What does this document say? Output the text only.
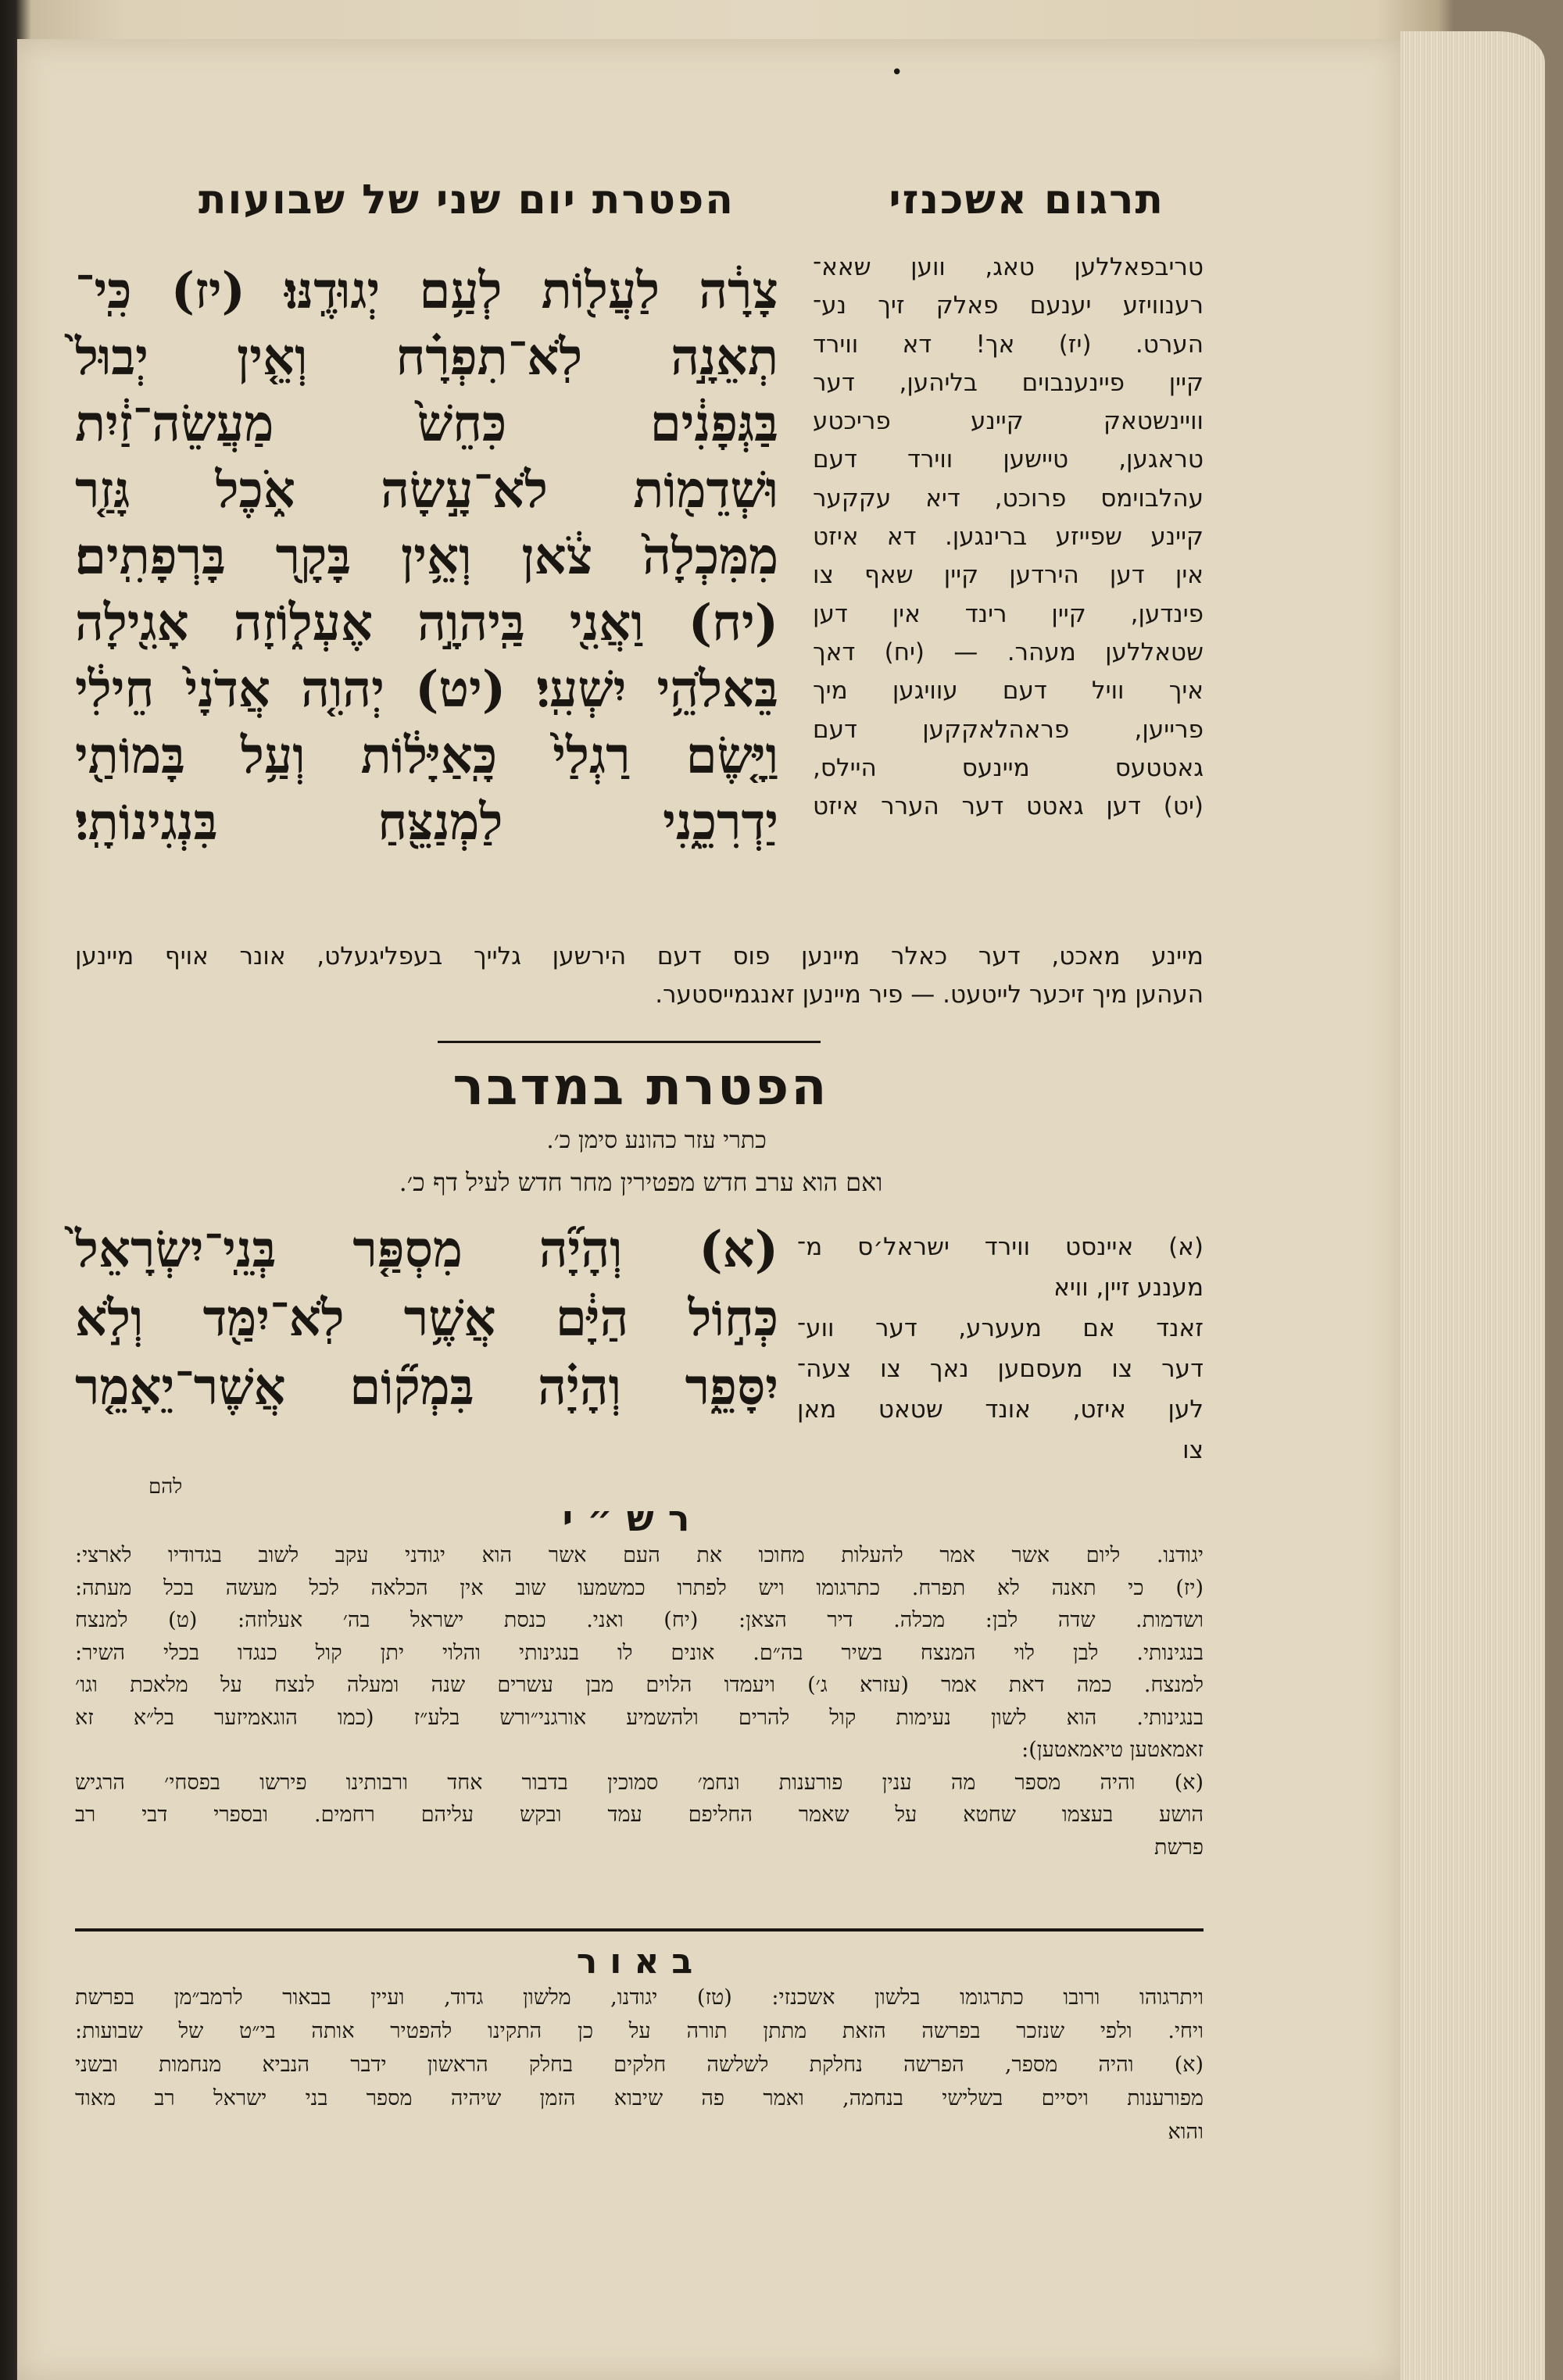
•
תרגום אשכנזי
הפטרת יום שני של שבועות
צָרָ֔ה לַעֲל֖וֹת לְעַ֥ם יְגוּדֶֽנּוּ׃ (יז) כִּֽי־
תְאֵנָ֣ה לֹֽא־תִפְרָ֗ח וְאֵ֤ין יְבוּל֙
בַּגְּפָנִ֔ים כִּחֵשׁ֙ מַעֲשֵׂה־זַ֔יִת
וּשְׁדֵמ֖וֹת לֹא־עָ֣שָׂה אֹ֑כֶל גָּזַ֤ר
מִמִּכְלָה֙ צֹ֔אן וְאֵ֥ין בָּקָ֖ר בָּרְפָתִֽים׃
(יח) וַאֲנִ֖י בַּֽיהוָ֣ה אֶעְל֑וֹזָה אָגִ֖ילָה
בֵּאלֹהֵ֥י יִשְׁעִֽי׃ (יט) יְהוִ֤ה אֲדֹנָי֙ חֵילִ֔י
וַיָּ֤שֶׂם רַגְלַי֙ כָּֽאַיָּל֔וֹת וְעַ֥ל בָּמוֹתַ֖י
יַדְרִכֵ֑נִי לַמְנַצֵּ֖חַ בִּנְגִינוֹתָֽי׃
טריבפאללען טאג, ווען שאא־
רענוויזע יענעם פאלק זיך נע־
הערט. (יז) אך! דא ווירד
קיין פיינענבוים בליהען, דער
וויינשטאק קיינע פריכטע
טראגען, טיישען ווירד דעם
עהלבוימס פרוכט, דיא עקקער
קיינע שפייזע ברינגען. דא איזט
אין דען הירדען קיין שאף צו
פינדען, קיין רינד אין דען
שטאללען מעהר. — (יח) דאך
איך וויל דעם עוויגען מיך
פרייען, פראהלאקקען דעם
גאטטעס מיינעס היילס,
(יט) דען גאטט דער הערר איזט
מיינע מאכט, דער כאלר מיינען פוס דעם הירשען גלייך בעפליגעלט, אונר אויף מיינען
העהען מיך זיכער לייטעט. — פיר מיינען זאנגמייסטער.
הפטרת במדבר
כתרי עזר כהונע סימן כ׳.
ואם הוא ערב חדש מפטירין מחר חדש לעיל דף כ׳.
(א) וְהָיָ֞ה מִסְפַּ֤ר בְּנֵֽי־יִשְׂרָאֵל֙
כְּח֣וֹל הַיָּ֔ם אֲשֶׁ֥ר לֹֽא־יִמַּ֖ד וְלֹ֣א
יִסָּפֵ֑ר וְהָיָ֗ה בִּמְק֞וֹם אֲשֶׁר־יֵאָמֵ֤ר
להם
(א) איינסט ווירד ישראל׳ס מ־
מעננע זיין, וויא
זאנד אם מעערע, דער ווע־
דער צו מעסםען נאך צו צעה־
לען איזט, אונד שטאט מאן
צו
רש״י
יגודנו. ליום אשר אמר להעלות מחוכו את העם אשר הוא יגודני עקב לשוב בגדודיו לארצי:
(יז) כי תאנה לא תפרח. כתרגומו ויש לפתרו כמשמעו שוב אין הכלאה לכל מעשה בכל מעתה:
ושדמות. שדה לבן: מכלה. דיר הצאן: (יח) ואני. כנסת ישראל בה׳ אעלוזה: (ט) למנצח
בנגינותי. לבן לוי המנצח בשיר בה״ם. אונים לו בנגינותי והלוי יתן קול כנגדו בכלי השיר:
למנצח. כמה דאת אמר (עזרא ג׳) ויעמדו הלוים מבן עשרים שנה ומעלה לנצח על מלאכת וגו׳
בנגינותי. הוא לשון נעימות קול להרים ולהשמיע אורגני״ורש בלע״ז (כמו הוגאמיזער בל״א זא
זאמאטען טיאמאטען):
(א) והיה מספר מה ענין פורענות ונחמ׳ סמוכין בדבור אחד ורבותינו פירשו בפסחי׳ הרגיש
הושע בעצמו שחטא על שאמר החליפם עמד ובקש עליהם רחמים. ובספרי דבי רב
פרשת
באור
ויתרגוהו ורובו כתרגומו בלשון אשכנזי: (טז) יגודנו, מלשון גדוד, ועיין בבאור לרמב״מן בפרשת
ויחי. ולפי שנזכר בפרשה הזאת מתתן תורה על כן התקינו להפטיר אותה בי״ט של שבועות:
(א) והיה מספר, הפרשה נחלקת לשלשה חלקים בחלק הראשון ידבר הנביא מנחמות ובשני
מפורענות ויסיים בשלישי בנחמה, ואמר פה שיבוא הזמן שיהיה מספר בני ישראל רב מאוד
והוא
